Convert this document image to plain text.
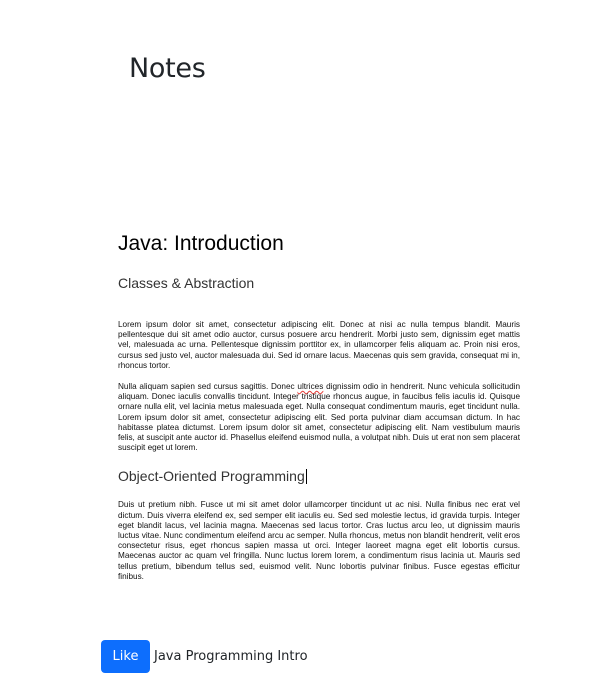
Notes
Java: Introduction
Classes & Abstraction

Lorem ipsum dolor sit amet, consectetur adipiscing elit. Donec at nisi ac nulla tempus blandit. Mauris pellentesque dui sit amet odio auctor, cursus posuere arcu hendrerit. Morbi justo sem, dignissim eget mattis vel, malesuada ac urna. Pellentesque dignissim porttitor ex, in ullamcorper felis aliquam ac. Proin nisi eros, cursus sed justo vel, auctor malesuada dui. Sed id ornare lacus. Maecenas quis sem gravida, consequat mi in, rhoncus tortor.

Nulla aliquam sapien sed cursus sagittis. Donec ultrices dignissim odio in hendrerit. Nunc vehicula sollicitudin aliquam. Donec iaculis convallis tincidunt. Integer tristique rhoncus augue, in faucibus felis iaculis id. Quisque ornare nulla elit, vel lacinia metus malesuada eget. Nulla consequat condimentum mauris, eget tincidunt nulla. Lorem ipsum dolor sit amet, consectetur adipiscing elit. Sed porta pulvinar diam accumsan dictum. In hac habitasse platea dictumst. Lorem ipsum dolor sit amet, consectetur adipiscing elit. Nam vestibulum mauris felis, at suscipit ante auctor id. Phasellus eleifend euismod nulla, a volutpat nibh. Duis ut erat non sem placerat suscipit eget ut lorem.

Object-Oriented Programming

Duis ut pretium nibh. Fusce ut mi sit amet dolor ullamcorper tincidunt ut ac nisi. Nulla finibus nec erat vel dictum. Duis viverra eleifend ex, sed semper elit iaculis eu. Sed sed molestie lectus, id gravida turpis. Integer eget blandit lacus, vel lacinia magna. Maecenas sed lacus tortor. Cras luctus arcu leo, ut dignissim mauris luctus vitae. Nunc condimentum eleifend arcu ac semper. Nulla rhoncus, metus non blandit hendrerit, velit eros consectetur risus, eget rhoncus sapien massa ut orci. Integer laoreet magna eget elit lobortis cursus. Maecenas auctor ac quam vel fringilla. Nunc luctus lorem lorem, a condimentum risus lacinia ut. Mauris sed tellus pretium, bibendum tellus sed, euismod velit. Nunc lobortis pulvinar finibus. Fusce egestas efficitur finibus.

Like	Java Programming Intro
